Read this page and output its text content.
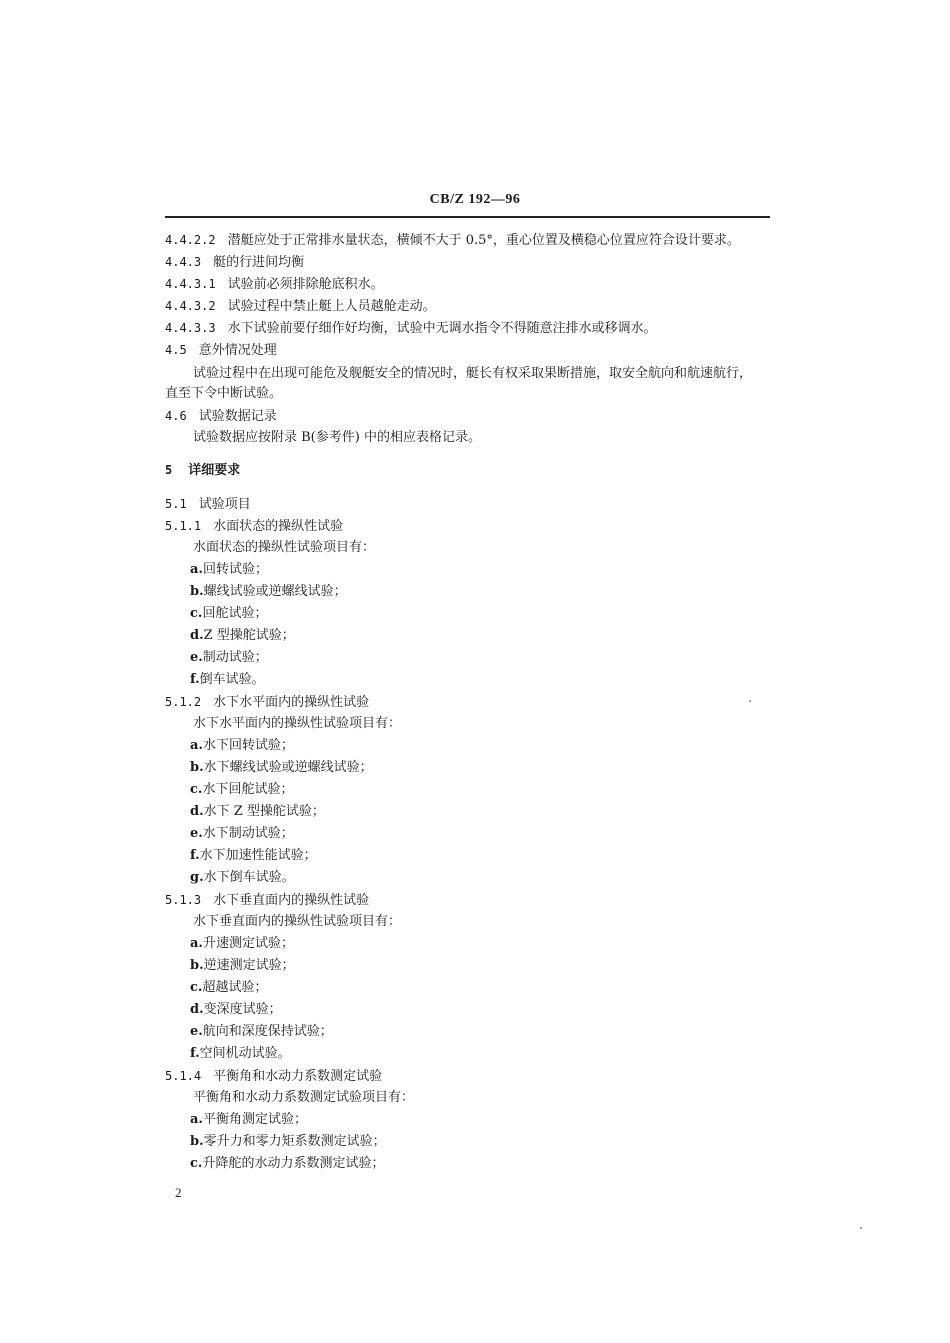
CB/Z 192—96
4.4.2.2 潜艇应处于正常排水量状态，横倾不大于 0.5°，重心位置及横稳心位置应符合设计要求。
4.4.3 艇的行进间均衡
4.4.3.1 试验前必须排除舱底积水。
4.4.3.2 试验过程中禁止艇上人员越舱走动。
4.4.3.3 水下试验前要仔细作好均衡，试验中无调水指令不得随意注排水或移调水。
4.5 意外情况处理
试验过程中在出现可能危及舰艇安全的情况时，艇长有权采取果断措施，取安全航向和航速航行，
直至下令中断试验。
4.6 试验数据记录
试验数据应按附录 B(参考件) 中的相应表格记录。
5 详细要求
5.1 试验项目
5.1.1 水面状态的操纵性试验
水面状态的操纵性试验项目有：
a.回转试验；
b.螺线试验或逆螺线试验；
c.回舵试验；
d.Z 型操舵试验；
e.制动试验；
f.倒车试验。
5.1.2 水下水平面内的操纵性试验
水下水平面内的操纵性试验项目有：
a.水下回转试验；
b.水下螺线试验或逆螺线试验；
c.水下回舵试验；
d.水下 Z 型操舵试验；
e.水下制动试验；
f.水下加速性能试验；
g.水下倒车试验。
5.1.3 水下垂直面内的操纵性试验
水下垂直面内的操纵性试验项目有：
a.升速测定试验；
b.逆速测定试验；
c.超越试验；
d.变深度试验；
e.航向和深度保持试验；
f.空间机动试验。
5.1.4 平衡角和水动力系数测定试验
平衡角和水动力系数测定试验项目有：
a.平衡角测定试验；
b.零升力和零力矩系数测定试验；
c.升降舵的水动力系数测定试验；
2
